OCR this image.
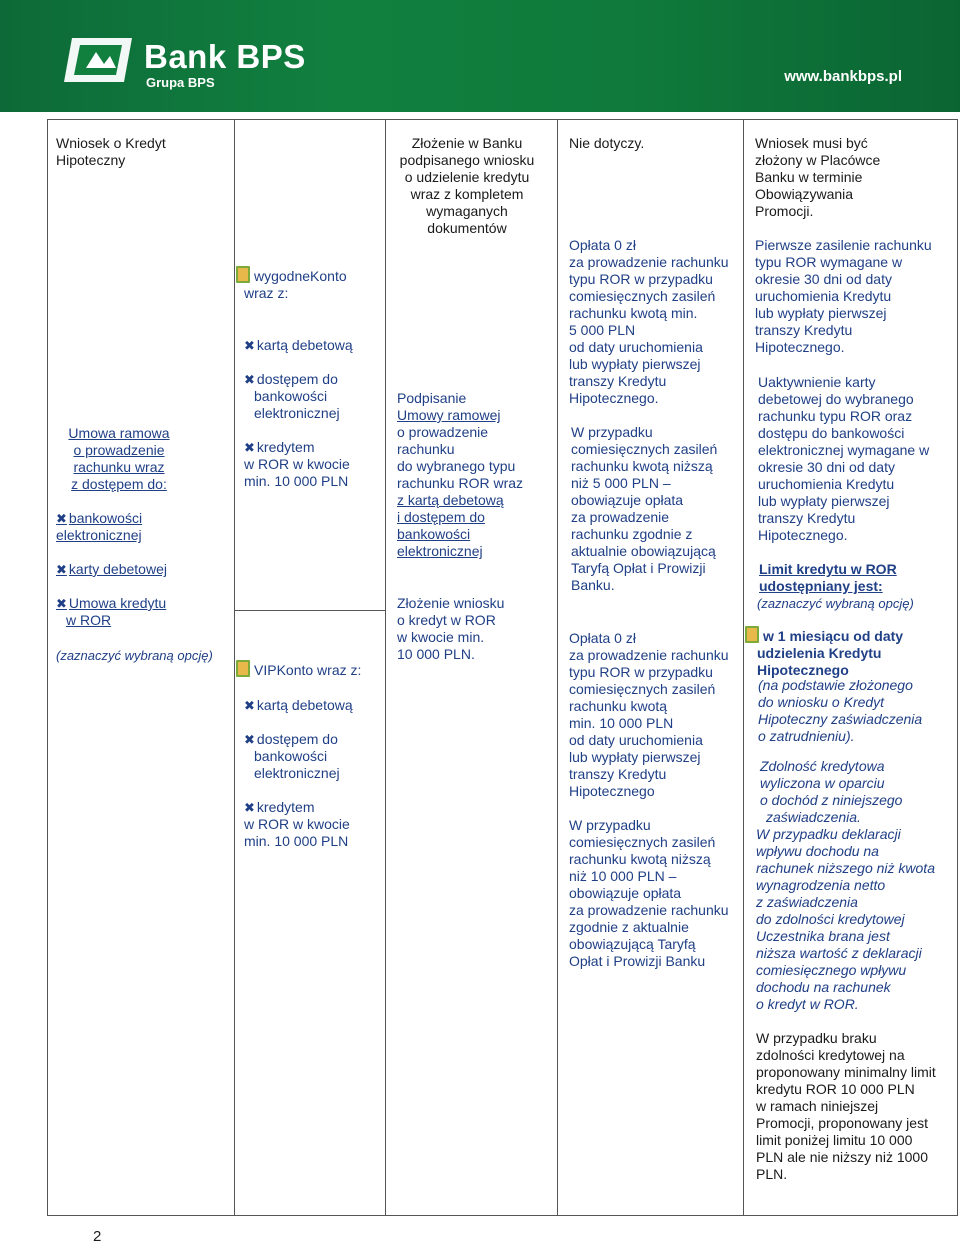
Bank BPS
Grupa BPS	www.bankbps.pl
Wniosek o Kredyt
Hipoteczny
Umowa ramowa
o prowadzenie
rachunku wraz
z dostępem do:
✖ bankowości
elektronicznej
✖ karty debetowej
✖ Umowa kredytu
w ROR
(zaznaczyć wybraną opcję)
wygodneKonto
wraz z:
✖ kartą debetową
✖ dostępem do
bankowości
elektronicznej
✖ kredytem
w ROR w kwocie
min. 10 000 PLN
VIPKonto wraz z:
✖ kartą debetową
✖ dostępem do
bankowości
elektronicznej
✖ kredytem
w ROR w kwocie
min. 10 000 PLN
Złożenie w Banku
podpisanego wniosku
o udzielenie kredytu
wraz z kompletem
wymaganych
dokumentów
Podpisanie
Umowy ramowej
o prowadzenie
rachunku
do wybranego typu
rachunku ROR wraz
z kartą debetową
i dostępem do
bankowości
elektronicznej
Złożenie wniosku
o kredyt w ROR
w kwocie min.
10 000 PLN.
Nie dotyczy.
Opłata 0 zł
za prowadzenie rachunku
typu ROR w przypadku
comiesięcznych zasileń
rachunku kwotą min.
5 000 PLN
od daty uruchomienia
lub wypłaty pierwszej
transzy Kredytu
Hipotecznego.
W przypadku
comiesięcznych zasileń
rachunku kwotą niższą
niż 5 000 PLN –
obowiązuje opłata
za prowadzenie
rachunku zgodnie z
aktualnie obowiązującą
Taryfą Opłat i Prowizji
Banku.
Opłata 0 zł
za prowadzenie rachunku
typu ROR w przypadku
comiesięcznych zasileń
rachunku kwotą
min. 10 000 PLN
od daty uruchomienia
lub wypłaty pierwszej
transzy Kredytu
Hipotecznego
W przypadku
comiesięcznych zasileń
rachunku kwotą niższą
niż 10 000 PLN –
obowiązuje opłata
za prowadzenie rachunku
zgodnie z aktualnie
obowiązującą Taryfą
Opłat i Prowizji Banku
Wniosek musi być
złożony w Placówce
Banku w terminie
Obowiązywania
Promocji.
Pierwsze zasilenie rachunku
typu ROR wymagane w
okresie 30 dni od daty
uruchomienia Kredytu
lub wypłaty pierwszej
transzy Kredytu
Hipotecznego.
Uaktywnienie karty
debetowej do wybranego
rachunku typu ROR oraz
dostępu do bankowości
elektronicznej wymagane w
okresie 30 dni od daty
uruchomienia Kredytu
lub wypłaty pierwszej
transzy Kredytu
Hipotecznego.
Limit kredytu w ROR
udostępniany jest:
(zaznaczyć wybraną opcję)
w 1 miesiącu od daty
udzielenia Kredytu
Hipotecznego
(na podstawie złożonego
do wniosku o Kredyt
Hipoteczny zaświadczenia
o zatrudnieniu).
Zdolność kredytowa
wyliczona w oparciu
o dochód z niniejszego
zaświadczenia.
W przypadku deklaracji
wpływu dochodu na
rachunek niższego niż kwota
wynagrodzenia netto
z zaświadczenia
do zdolności kredytowej
Uczestnika brana jest
niższa wartość z deklaracji
comiesięcznego wpływu
dochodu na rachunek
o kredyt w ROR.
W przypadku braku
zdolności kredytowej na
proponowany minimalny limit
kredytu ROR 10 000 PLN
w ramach niniejszej
Promocji, proponowany jest
limit poniżej limitu 10 000
PLN ale nie niższy niż 1000
PLN.
2
